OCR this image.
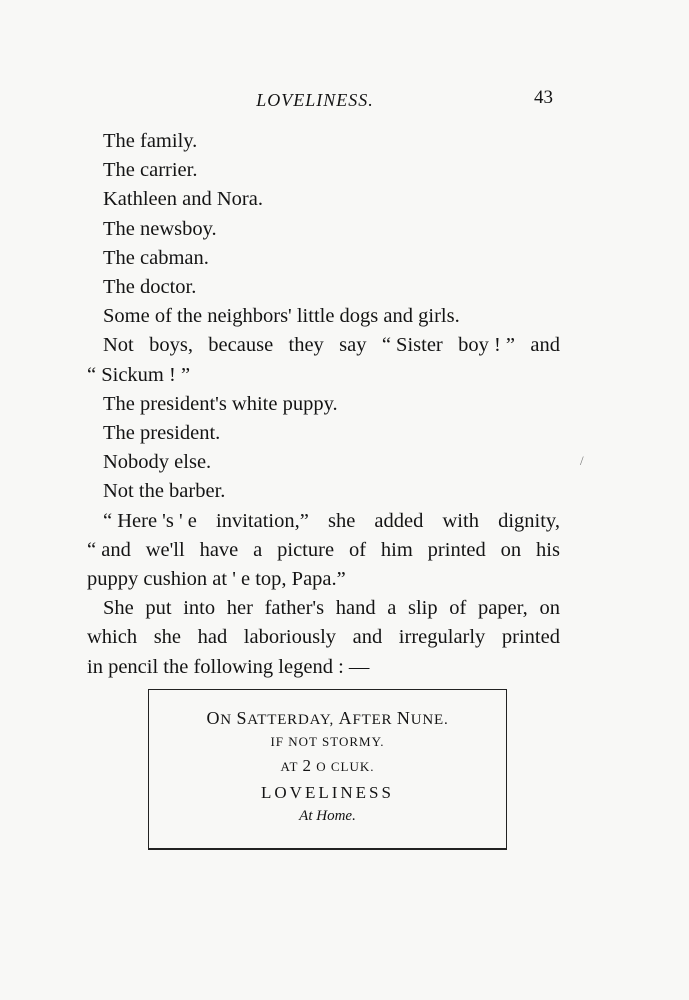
LOVELINESS.	43
The family.
The carrier.
Kathleen and Nora.
The newsboy.
The cabman.
The doctor.
Some of the neighbors' little dogs and girls.
Not boys, because they say “ Sister boy ! ” and
“ Sickum ! ”
The president's white puppy.
The president.
Nobody else.
Not the barber.
“ Here 's ' e invitation,” she added with dignity,
“ and we'll have a picture of him printed on his
puppy cushion at ' e top, Papa.”
She put into her father's hand a slip of paper, on
which she had laboriously and irregularly printed
in pencil the following legend : —
ON SATTERDAY, AFTER NUNE.
IF NOT STORMY.
AT 2 O CLUK.
LOVELINESS
At Home.
/
